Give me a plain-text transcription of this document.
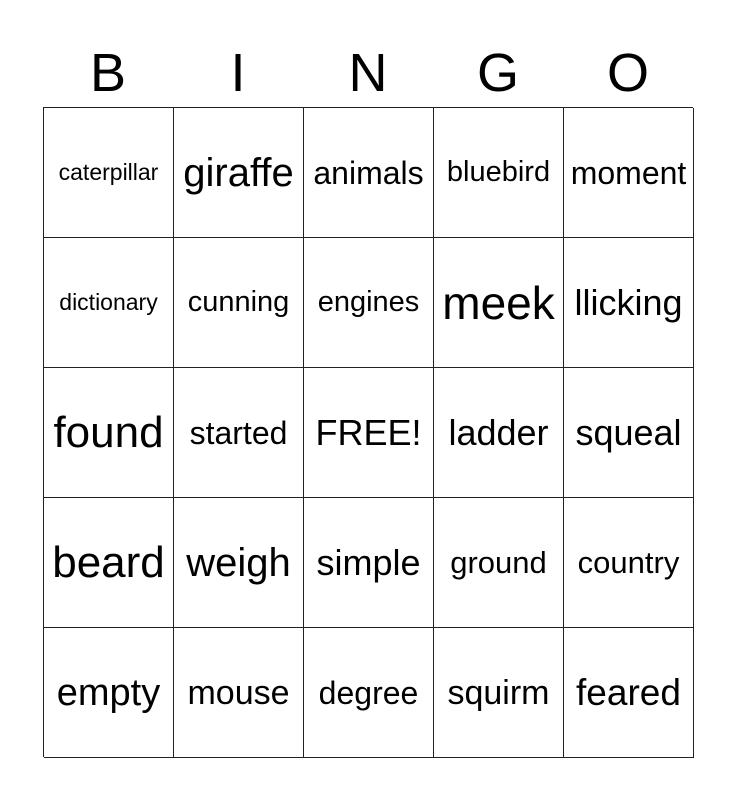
B	I	N	G	O
caterpillar giraffe animals bluebird moment
dictionary	cunning engines meek llicking
found started FREE! ladder squeal
beard weigh simple ground country
empty mouse degree squirm feared
